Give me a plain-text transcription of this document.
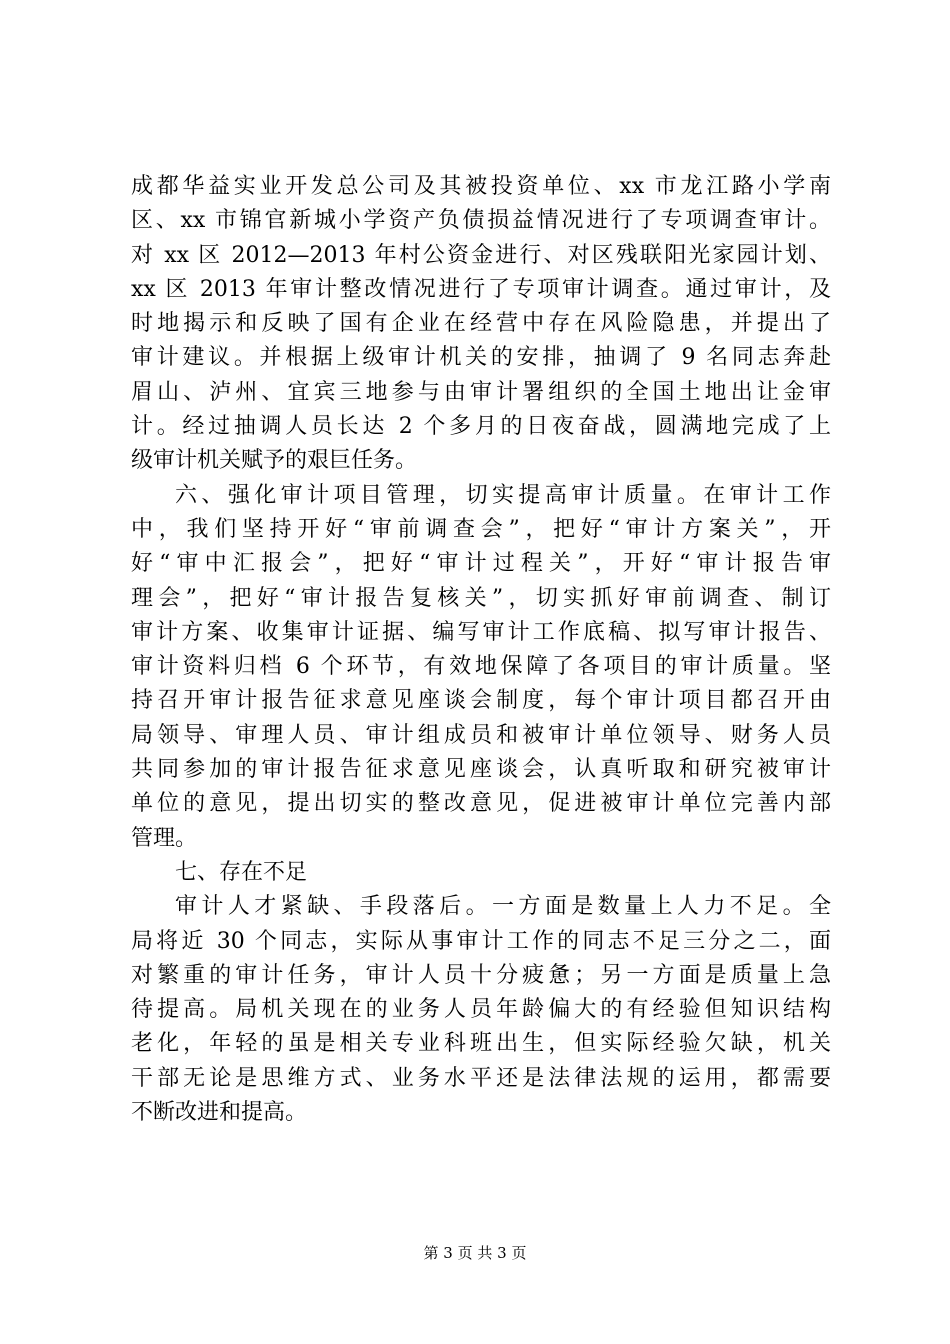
成都华益实业开发总公司及其被投资单位、xx 市龙江路小学南
区、xx 市锦官新城小学资产负债损益情况进行了专项调查审计。
对 xx 区 2012—2013 年村公资金进行、对区残联阳光家园计划、
xx 区 2013 年审计整改情况进行了专项审计调查。通过审计，及
时地揭示和反映了国有企业在经营中存在风险隐患，并提出了
审计建议。并根据上级审计机关的安排，抽调了 9 名同志奔赴
眉山、泸州、宜宾三地参与由审计署组织的全国土地出让金审
计。经过抽调人员长达 2 个多月的日夜奋战，圆满地完成了上
级审计机关赋予的艰巨任务。
六、强化审计项目管理，切实提高审计质量。在审计工作
中，我们坚持开好“审前调查会”，把好“审计方案关”，开
好“审中汇报会”，把好“审计过程关”，开好“审计报告审
理会”，把好“审计报告复核关”，切实抓好审前调查、制订
审计方案、收集审计证据、编写审计工作底稿、拟写审计报告、
审计资料归档 6 个环节，有效地保障了各项目的审计质量。坚
持召开审计报告征求意见座谈会制度，每个审计项目都召开由
局领导、审理人员、审计组成员和被审计单位领导、财务人员
共同参加的审计报告征求意见座谈会，认真听取和研究被审计
单位的意见，提出切实的整改意见，促进被审计单位完善内部
管理。
七、存在不足
审计人才紧缺、手段落后。一方面是数量上人力不足。全
局将近 30 个同志，实际从事审计工作的同志不足三分之二，面
对繁重的审计任务，审计人员十分疲惫；另一方面是质量上急
待提高。局机关现在的业务人员年龄偏大的有经验但知识结构
老化，年轻的虽是相关专业科班出生，但实际经验欠缺，机关
干部无论是思维方式、业务水平还是法律法规的运用，都需要
不断改进和提高。
第 3 页 共 3 页
